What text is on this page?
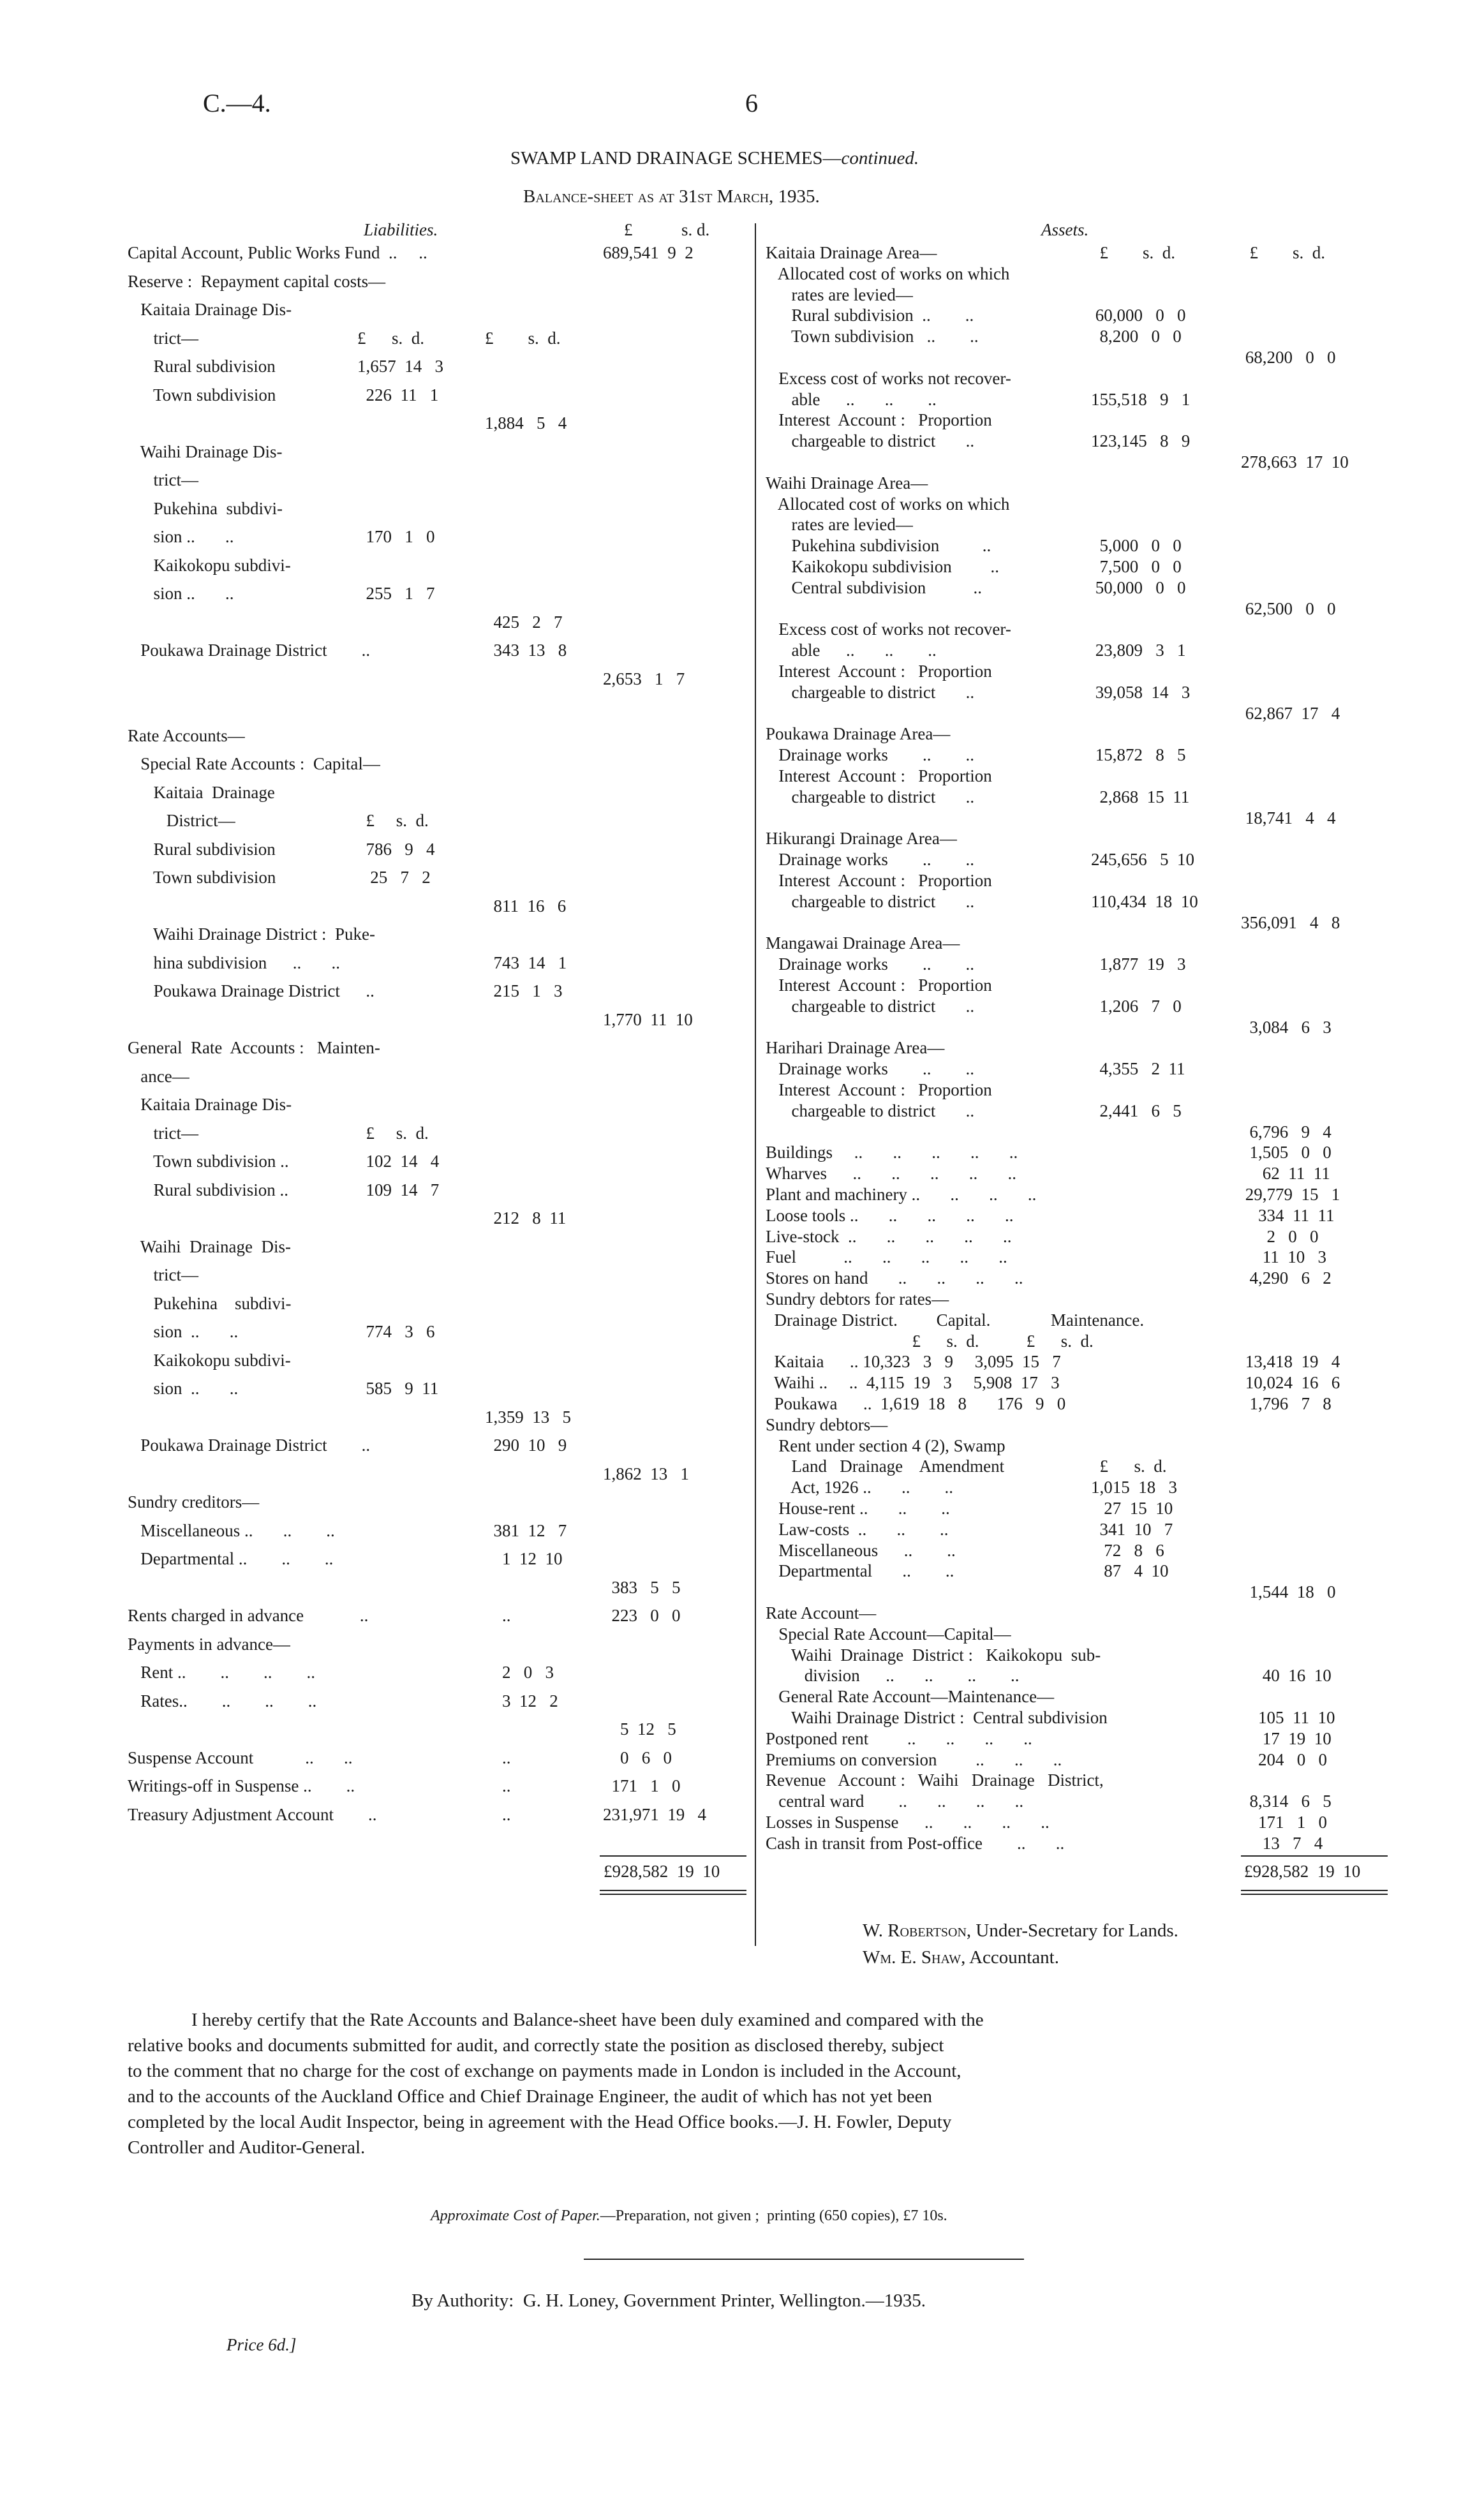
C.—4.	6
SWAMP LAND DRAINAGE SCHEMES—continued.
Balance-sheet as at 31st March, 1935.
Liabilities.	£	s. d.
Capital Account, Public Works Fund  ..     ..	689,541  9  2
Reserve :  Repayment capital costs—
Kaitaia Drainage Dis-
trict—	£      s.  d.	£        s.  d.
Rural subdivision	1,657  14   3
Town subdivision	226  11   1
1,884   5   4
Waihi Drainage Dis-
trict—
Pukehina  subdivi-
sion ..       ..	170   1   0
Kaikokopu subdivi-
sion ..       ..	255   1   7
425   2   7
Poukawa Drainage District        ..	343  13   8
2,653   1   7
Rate Accounts—
Special Rate Accounts :  Capital—
Kaitaia  Drainage
District—	£     s.  d.
Rural subdivision	786   9   4
Town subdivision	25   7   2
811  16   6
Waihi Drainage District :  Puke-
hina subdivision      ..       ..	743  14   1
Poukawa Drainage District      ..	215   1   3
1,770  11  10
General  Rate  Accounts :   Mainten-
ance—
Kaitaia Drainage Dis-
trict—	£     s.  d.
Town subdivision ..	102  14   4
Rural subdivision ..	109  14   7
212   8  11
Waihi  Drainage  Dis-
trict—
Pukehina    subdivi-
sion  ..       ..	774   3   6
Kaikokopu subdivi-
sion  ..       ..	585   9  11
1,359  13   5
Poukawa Drainage District        ..	290  10   9
1,862  13   1
Sundry creditors—
Miscellaneous ..       ..        ..	381  12   7
Departmental ..        ..        ..	1  12  10
383   5   5
Rents charged in advance             ..	..	223   0   0
Payments in advance—
Rent ..        ..        ..        ..	2   0   3
Rates..        ..        ..        ..	3  12   2
5  12   5
Suspense Account            ..       ..	..	0   6   0
Writings-off in Suspense ..        ..	..	171   1   0
Treasury Adjustment Account        ..	..	231,971  19   4
Assets.
Kaitaia Drainage Area—	£        s.  d.	£        s.  d.
Allocated cost of works on which
rates are levied—
Rural subdivision  ..        ..	60,000   0   0
Town subdivision   ..        ..	8,200   0   0
68,200   0   0
Excess cost of works not recover-
able      ..       ..        ..	155,518   9   1
Interest  Account :   Proportion
chargeable to district       ..	123,145   8   9
278,663  17  10
Waihi Drainage Area—
Allocated cost of works on which
rates are levied—
Pukehina subdivision          ..	5,000   0   0
Kaikokopu subdivision         ..	7,500   0   0
Central subdivision           ..	50,000   0   0
62,500   0   0
Excess cost of works not recover-
able      ..       ..        ..	23,809   3   1
Interest  Account :   Proportion
chargeable to district       ..	39,058  14   3
62,867  17   4
Poukawa Drainage Area—
Drainage works        ..        ..	15,872   8   5
Interest  Account :   Proportion
chargeable to district       ..	2,868  15  11
18,741   4   4
Hikurangi Drainage Area—
Drainage works        ..        ..	245,656   5  10
Interest  Account :   Proportion
chargeable to district       ..	110,434  18  10
356,091   4   8
Mangawai Drainage Area—
Drainage works        ..        ..	1,877  19   3
Interest  Account :   Proportion
chargeable to district       ..	1,206   7   0
3,084   6   3
Harihari Drainage Area—
Drainage works        ..        ..	4,355   2  11
Interest  Account :   Proportion
chargeable to district       ..	2,441   6   5
6,796   9   4
Buildings     ..       ..       ..       ..       ..	1,505   0   0
Wharves      ..       ..       ..       ..       ..	62  11  11
Plant and machinery ..       ..       ..       ..	29,779  15   1
Loose tools ..       ..       ..       ..       ..	334  11  11
Live-stock  ..       ..       ..       ..       ..	2   0   0
Fuel           ..       ..       ..       ..       ..	11  10   3
Stores on hand       ..       ..       ..       ..	4,290   6   2
Sundry debtors for rates—
Drainage District.         Capital.              Maintenance.
£      s.  d.           £      s.  d.
Kaitaia      .. 10,323   3   9     3,095  15   7	13,418  19   4
Waihi ..     ..  4,115  19   3     5,908  17   3	10,024  16   6
Poukawa      ..  1,619  18   8       176   9   0	1,796   7   8
Sundry debtors—
Rent under section 4 (2), Swamp
Land   Drainage    Amendment	£      s.  d.
Act, 1926 ..       ..        ..	1,015  18   3
House-rent ..       ..        ..	27  15  10
Law-costs  ..       ..        ..	341  10   7
Miscellaneous      ..        ..	72   8   6
Departmental       ..        ..	87   4  10
1,544  18   0
Rate Account—
Special Rate Account—Capital—
Waihi  Drainage  District :   Kaikokopu  sub-
division      ..       ..        ..        ..	40  16  10
General Rate Account—Maintenance—
Waihi Drainage District :  Central subdivision	105  11  10
Postponed rent         ..       ..       ..       ..	17  19  10
Premiums on conversion         ..       ..       ..	204   0   0
Revenue   Account :   Waihi   Drainage   District,
central ward        ..       ..       ..       ..	8,314   6   5
Losses in Suspense      ..       ..       ..       ..	171   1   0
Cash in transit from Post-office        ..       ..	13   7   4
£928,582  19  10	£928,582  19  10
W. Robertson, Under-Secretary for Lands.
Wm. E. Shaw, Accountant.
I hereby certify that the Rate Accounts and Balance-sheet have been duly examined and compared with the
relative books and documents submitted for audit, and correctly state the position as disclosed thereby, subject
to the comment that no charge for the cost of exchange on payments made in London is included in the Account,
and to the accounts of the Auckland Office and Chief Drainage Engineer, the audit of which has not yet been
completed by the local Audit Inspector, being in agreement with the Head Office books.—J. H. Fowler, Deputy
Controller and Auditor-General.
Approximate Cost of Paper.—Preparation, not given ;  printing (650 copies), £7 10s.
By Authority:  G. H. Loney, Government Printer, Wellington.—1935.
Price 6d.]
